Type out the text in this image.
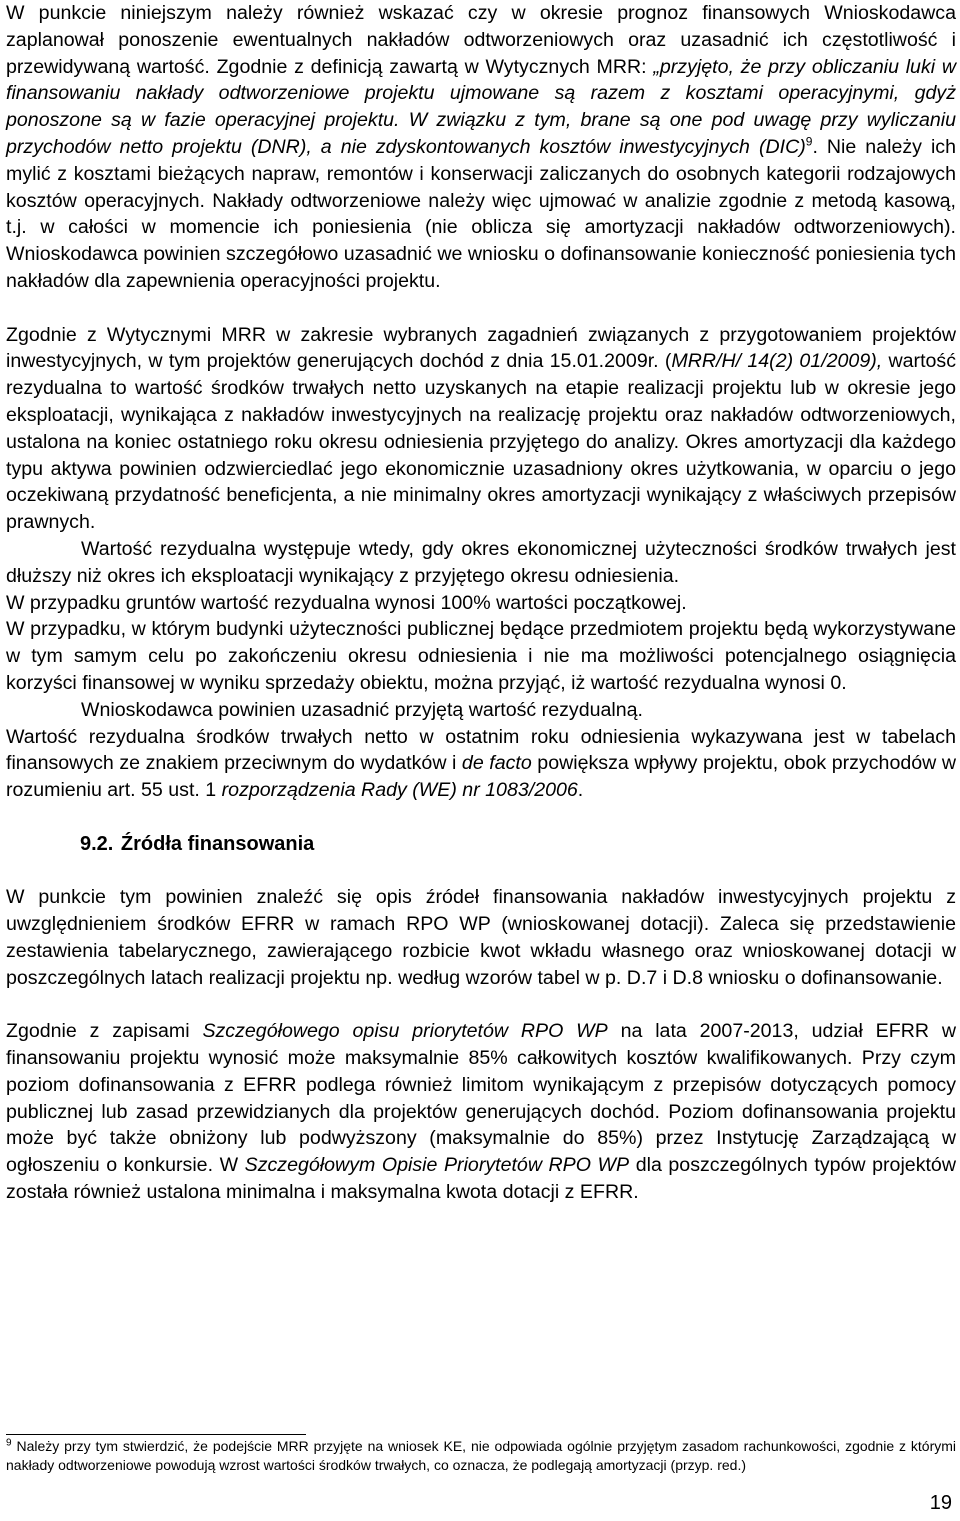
W punkcie niniejszym należy również wskazać czy w okresie prognoz finansowych Wnioskodawca zaplanował ponoszenie ewentualnych nakładów odtworzeniowych oraz uzasadnić ich częstotliwość i przewidywaną wartość. Zgodnie z definicją zawartą w Wytycznych MRR: „przyjęto, że przy obliczaniu luki w finansowaniu nakłady odtworzeniowe projektu ujmowane są razem z kosztami operacyjnymi, gdyż ponoszone są w fazie operacyjnej projektu. W związku z tym, brane są one pod uwagę przy wyliczaniu przychodów netto projektu (DNR), a nie zdyskontowanych kosztów inwestycyjnych (DIC)$^9$. Nie należy ich mylić z kosztami bieżących napraw, remontów i konserwacji zaliczanych do osobnych kategorii rodzajowych kosztów operacyjnych. Nakłady odtworzeniowe należy więc ujmować w analizie zgodnie z metodą kasową, t.j. w całości w momencie ich poniesienia (nie oblicza się amortyzacji nakładów odtworzeniowych). Wnioskodawca powinien szczegółowo uzasadnić we wniosku o dofinansowanie konieczność poniesienia tych nakładów dla zapewnienia operacyjności projektu.

Zgodnie z Wytycznymi MRR w zakresie wybranych zagadnień związanych z przygotowaniem projektów inwestycyjnych, w tym projektów generujących dochód z dnia 15.01.2009r. (MRR/H/ 14(2) 01/2009), wartość rezydualna to wartość środków trwałych netto uzyskanych na etapie realizacji projektu lub w okresie jego eksploatacji, wynikająca z nakładów inwestycyjnych na realizację projektu oraz nakładów odtworzeniowych, ustalona na koniec ostatniego roku okresu odniesienia przyjętego do analizy. Okres amortyzacji dla każdego typu aktywa powinien odzwierciedlać jego ekonomicznie uzasadniony okres użytkowania, w oparciu o jego oczekiwaną przydatność beneficjenta, a nie minimalny okres amortyzacji wynikający z właściwych przepisów prawnych.

Wartość rezydualna występuje wtedy, gdy okres ekonomicznej użyteczności środków trwałych jest dłuższy niż okres ich eksploatacji wynikający z przyjętego okresu odniesienia.

W przypadku gruntów wartość rezydualna wynosi 100% wartości początkowej.

W przypadku, w którym budynki użyteczności publicznej będące przedmiotem projektu będą wykorzystywane w tym samym celu po zakończeniu okresu odniesienia i nie ma możliwości potencjalnego osiągnięcia korzyści finansowej w wyniku sprzedaży obiektu, można przyjąć, iż wartość rezydualna wynosi 0.

Wnioskodawca powinien uzasadnić przyjętą wartość rezydualną.

Wartość rezydualna środków trwałych netto w ostatnim roku odniesienia wykazywana jest w tabelach finansowych ze znakiem przeciwnym do wydatków i de facto powiększa wpływy projektu, obok przychodów w rozumieniu art. 55 ust. 1 rozporządzenia Rady (WE) nr 1083/2006.

9.2. Źródła finansowania

W punkcie tym powinien znaleźć się opis źródeł finansowania nakładów inwestycyjnych projektu z uwzględnieniem środków EFRR w ramach RPO WP (wnioskowanej dotacji). Zaleca się przedstawienie zestawienia tabelarycznego, zawierającego rozbicie kwot wkładu własnego oraz wnioskowanej dotacji w poszczególnych latach realizacji projektu np. według wzorów tabel w p. D.7 i D.8 wniosku o dofinansowanie.

Zgodnie z zapisami Szczegółowego opisu priorytetów RPO WP na lata 2007-2013, udział EFRR w finansowaniu projektu wynosić może maksymalnie 85% całkowitych kosztów kwalifikowanych. Przy czym poziom dofinansowania z EFRR podlega również limitom wynikającym z przepisów dotyczących pomocy publicznej lub zasad przewidzianych dla projektów generujących dochód. Poziom dofinansowania projektu może być także obniżony lub podwyższony (maksymalnie do 85%) przez Instytucję Zarządzającą w ogłoszeniu o konkursie. W Szczegółowym Opisie Priorytetów RPO WP dla poszczególnych typów projektów została również ustalona minimalna i maksymalna kwota dotacji z EFRR.

$^9$ Należy przy tym stwierdzić, że podejście MRR przyjęte na wniosek KE, nie odpowiada ogólnie przyjętym zasadom rachunkowości, zgodnie z którymi nakłady odtworzeniowe powodują wzrost wartości środków trwałych, co oznacza, że podlegają amortyzacji (przyp. red.)
19
